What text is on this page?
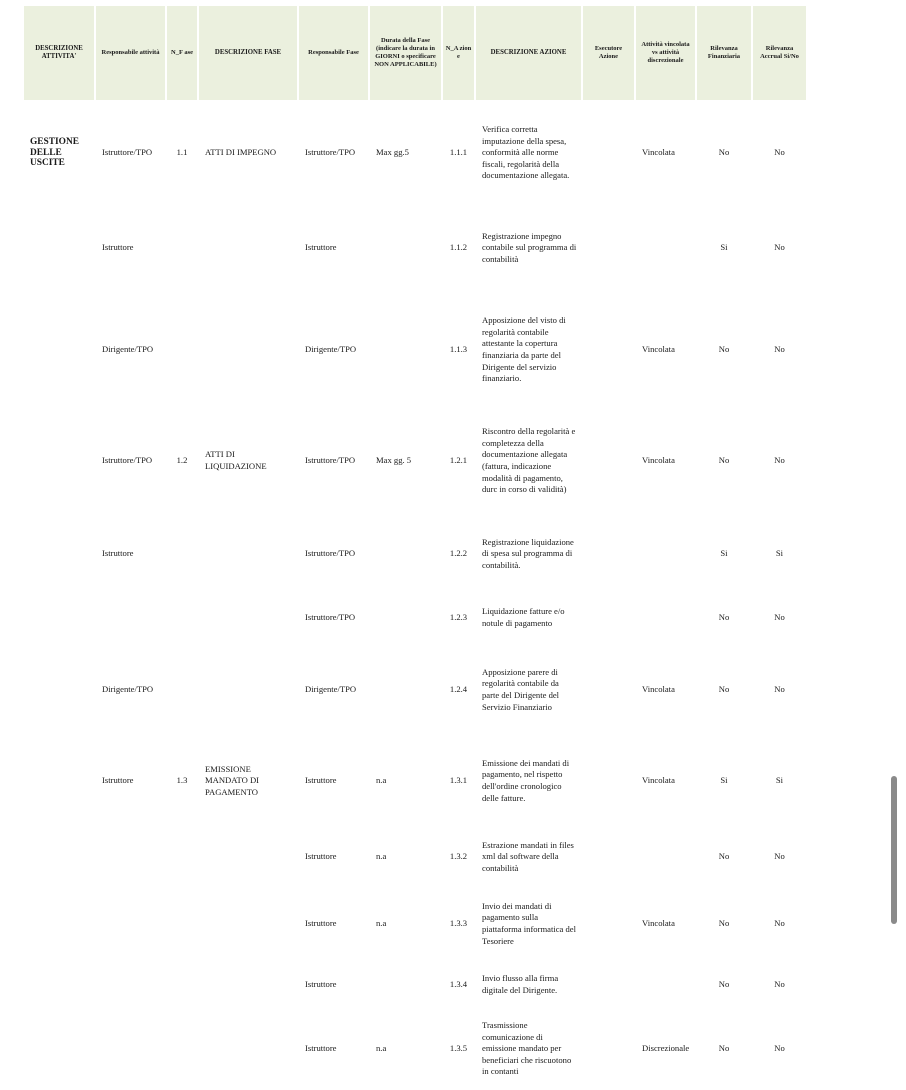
DESCRIZIONE ATTIVITA'	Responsabile attività	N_F ase	DESCRIZIONE FASE	Responsabile Fase	Durata della Fase (indicare la durata in GIORNI o specificare NON APPLICABILE)	N_A zion e	DESCRIZIONE AZIONE	Esecutore Azione	Attività vincolata vs attività discrezionale	Rilevanza Finanziaria	Rilevanza Accrual Si/No

GESTIONE DELLE USCITE	Istruttore/TPO	1.1	ATTI DI IMPEGNO	Istruttore/TPO	Max gg.5	1.1.1	Verifica corretta imputazione della spesa, conformità alle norme fiscali, regolarità della documentazione allegata.		Vincolata	No	No
	Istruttore			Istruttore		1.1.2	Registrazione impegno contabile sul programma di contabilità			Si	No
	Dirigente/TPO			Dirigente/TPO		1.1.3	Apposizione del visto di regolarità contabile attestante la copertura finanziaria da parte del Dirigente del servizio finanziario.		Vincolata	No	No
	Istruttore/TPO	1.2	ATTI DI LIQUIDAZIONE	Istruttore/TPO	Max gg. 5	1.2.1	Riscontro della regolarità e completezza della documentazione allegata (fattura, indicazione modalità di pagamento, durc in corso di validità)		Vincolata	No	No
	Istruttore			Istruttore/TPO		1.2.2	Registrazione liquidazione di spesa sul programma di contabilità.			Si	Si
				Istruttore/TPO		1.2.3	Liquidazione fatture e/o notule di pagamento			No	No
	Dirigente/TPO			Dirigente/TPO		1.2.4	Apposizione parere di regolarità contabile da parte del Dirigente del Servizio Finanziario		Vincolata	No	No
	Istruttore	1.3	EMISSIONE MANDATO DI PAGAMENTO	Istruttore	n.a	1.3.1	Emissione dei mandati di pagamento, nel rispetto dell'ordine cronologico delle fatture.		Vincolata	Si	Si
				Istruttore	n.a	1.3.2	Estrazione mandati in files xml dal software della contabilità			No	No
				Istruttore	n.a	1.3.3	Invio dei mandati di pagamento sulla piattaforma informatica del Tesoriere		Vincolata	No	No
				Istruttore		1.3.4	Invio flusso alla firma digitale del Dirigente.			No	No
				Istruttore	n.a	1.3.5	Trasmissione comunicazione di emissione mandato per beneficiari che riscuotono in contanti		Discrezionale	No	No
